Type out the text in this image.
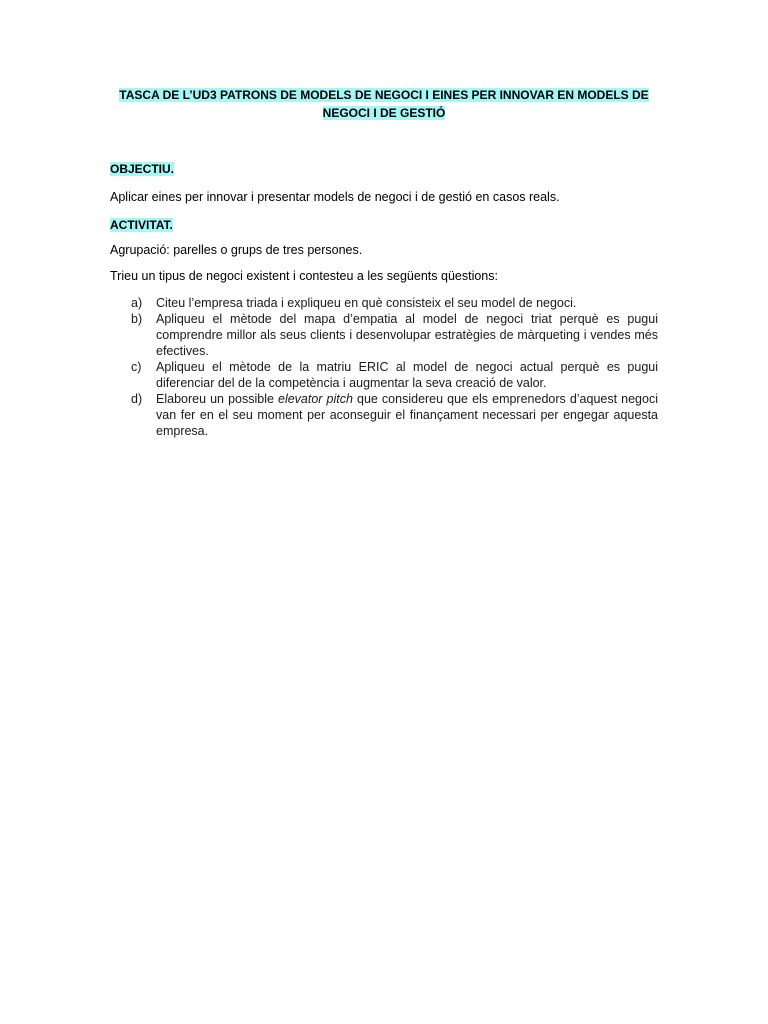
TASCA DE L’UD3 PATRONS DE MODELS DE NEGOCI I EINES PER INNOVAR EN MODELS DE
NEGOCI I DE GESTIÓ

OBJECTIU.

Aplicar eines per innovar i presentar models de negoci i de gestió en casos reals.

ACTIVITAT.

Agrupació: parelles o grups de tres persones.

Trieu un tipus de negoci existent i contesteu a les següents qüestions:

a) Citeu l’empresa triada i expliqueu en què consisteix el seu model de negoci.
b) Apliqueu el mètode del mapa d’empatia al model de negoci triat perquè es pugui comprendre millor als seus clients i desenvolupar estratègies de màrqueting i vendes més efectives.
c) Apliqueu el mètode de la matriu ERIC al model de negoci actual perquè es pugui diferenciar del de la competència i augmentar la seva creació de valor.
d) Elaboreu un possible elevator pitch que considereu que els emprenedors d’aquest negoci van fer en el seu moment per aconseguir el finançament necessari per engegar aquesta empresa.
